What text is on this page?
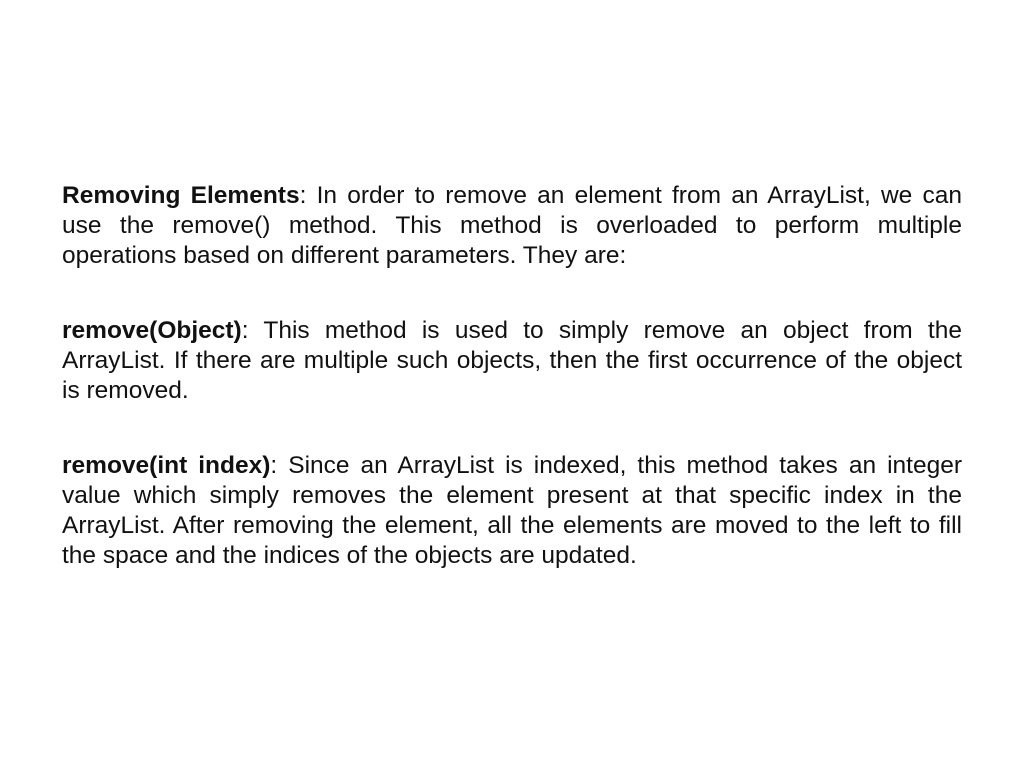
Removing Elements: In order to remove an element from an ArrayList, we can use the remove() method. This method is overloaded to perform multiple operations based on different parameters. They are:

remove(Object): This method is used to simply remove an object from the ArrayList. If there are multiple such objects, then the first occurrence of the object is removed.

remove(int index): Since an ArrayList is indexed, this method takes an integer value which simply removes the element present at that specific index in the ArrayList. After removing the element, all the elements are moved to the left to fill the space and the indices of the objects are updated.
